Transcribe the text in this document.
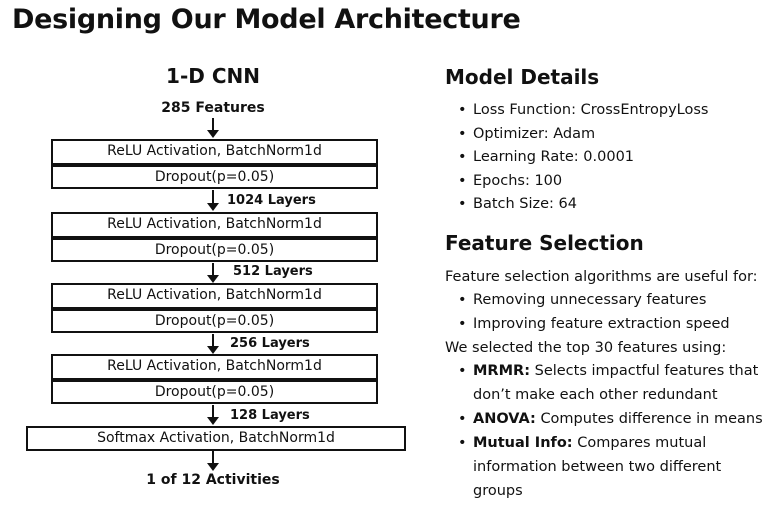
Designing Our Model Architecture
1-D CNN
285 Features
ReLU Activation, BatchNorm1d
Dropout(p=0.05)
1024 Layers
ReLU Activation, BatchNorm1d
Dropout(p=0.05)
512 Layers
ReLU Activation, BatchNorm1d
Dropout(p=0.05)
256 Layers
ReLU Activation, BatchNorm1d
Dropout(p=0.05)
128 Layers
Softmax Activation, BatchNorm1d
1 of 12 Activities
Model Details
• Loss Function: CrossEntropyLoss
• Optimizer: Adam
• Learning Rate: 0.0001
• Epochs: 100
• Batch Size: 64
Feature Selection
Feature selection algorithms are useful for:
• Removing unnecessary features
• Improving feature extraction speed
We selected the top 30 features using:
• MRMR: Selects impactful features that don’t make each other redundant
• ANOVA: Computes difference in means
• Mutual Info: Compares mutual information between two different groups
